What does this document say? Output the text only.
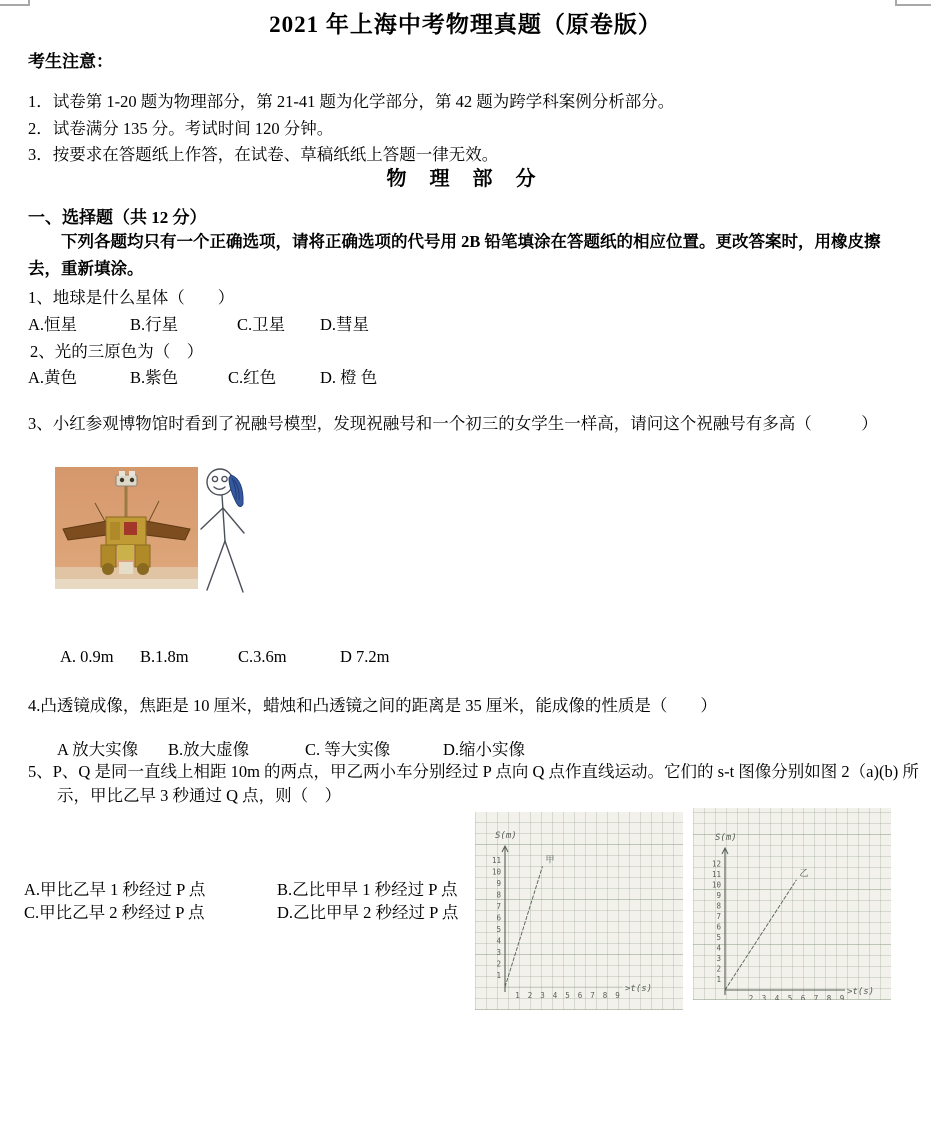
2021 年上海中考物理真题（原卷版）
考生注意：
1．试卷第 1-20 题为物理部分，第 21-41 题为化学部分，第 42 题为跨学科案例分析部分。
2．试卷满分 135 分。考试时间 120 分钟。
3．按要求在答题纸上作答，在试卷、草稿纸纸上答题一律无效。
物 理 部 分
一、选择题（共 12 分）
下列各题均只有一个正确选项，请将正确选项的代号用 2B 铅笔填涂在答题纸的相应位置。更改答案时，用橡皮擦去，重新填涂。
1、地球是什么星体（　　）
A.恒星	B.行星	C.卫星 D.彗星
2、光的三原色为（　）
A.黄色	B.紫色	C.红色	D. 橙 色
3、小红参观博物馆时看到了祝融号模型，发现祝融号和一个初三的女学生一样高，请问这个祝融号有多高（　　　）
A. 0.9m B.1.8m	C.3.6m	D 7.2m
4.凸透镜成像，焦距是 10 厘米，蜡烛和凸透镜之间的距离是 35 厘米，能成像的性质是（　　）
A 放大实像 B.放大虚像	C. 等大实像	D.缩小实像
5、P、Q 是同一直线上相距 10m 的两点，甲乙两小车分别经过 P 点向 Q 点作直线运动。它们的 s-t 图像分别如图 2（a)(b) 所示，甲比乙早 3 秒通过 Q 点，则（　）
A.甲比乙早 1 秒经过 P 点	B.乙比甲早 1 秒经过 P 点
C.甲比乙早 2 秒经过 P 点	D.乙比甲早 2 秒经过 P 点
S(m)
>t(s)
1
2
3
4
5
6
7
8
9
10
11
1 2 3 4 5 6 7 8 9
甲
S(m)
>t(s)
1
2
3
4
5
6
7
8
9
10
11
12
2 3 4 5 6 7 8 9
乙
